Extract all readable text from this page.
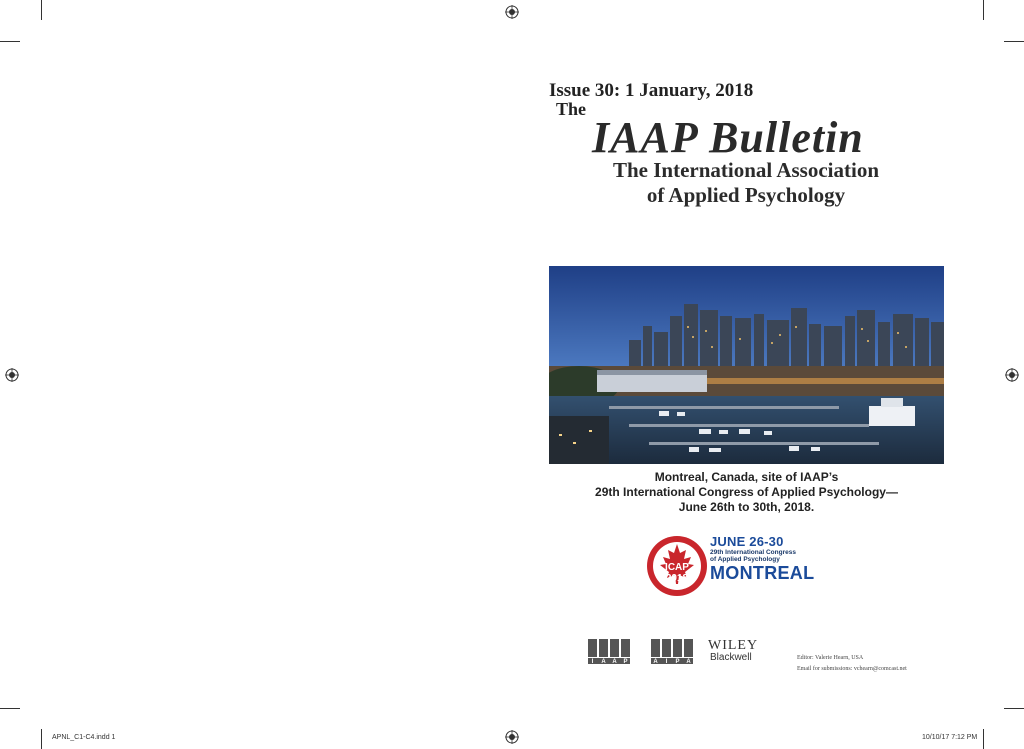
Issue 30: 1 January, 2018
The
IAAP Bulletin
The International Association
of Applied Psychology
Montreal, Canada, site of IAAP’s
29th International Congress of Applied Psychology—
June 26th to 30th, 2018.
ICAP
2018
JUNE 26-30
29th International Congress
of Applied Psychology
MONTREAL
I A A P	A I P A
WILEY
Blackwell	Editor: Valerie Hearn, USA
Email for submissions: vchearn@comcast.net
APNL_C1-C4.indd 1	10/10/17 7:12 PM
